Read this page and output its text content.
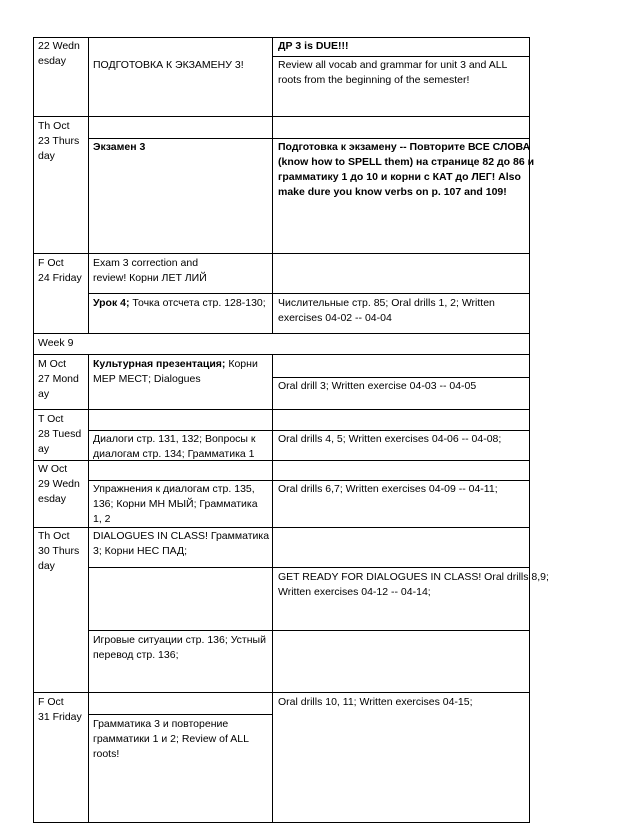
22 Wedn
esday	ПОДГОТОВКА К ЭКЗАМЕНУ 3!
ДР 3 is DUE!!!
Review all vocab and grammar for unit 3 and ALL
roots from the beginning of the semester!
Th Oct
23 Thurs
day
Экзамен 3	Подготовка к экзамену -- Повторите ВСЕ СЛОВА
(know how to SPELL them) на странице 82 до 86 и
грамматику 1 до 10 и корни с КАТ до ЛЕГ! Also
make dure you know verbs on p. 107 and 109!
F Oct
24 Friday
Exam 3 correction and
review! Корни ЛЕТ ЛИЙ
Урок 4; Точка отсчета стр. 128-130; Числительные стр. 85; Oral drills 1, 2; Written
exercises 04-02 -- 04-04
Week 9
M Oct
27 Mond
ay
Культурная презентация; Корни
МЕР МЕСТ; Dialogues
Oral drill 3; Written exercise 04-03 -- 04-05
T Oct
28 Tuesd
ay
Диалоги стр. 131, 132; Вопросы к
диалогам стр. 134; Грамматика 1
Oral drills 4, 5; Written exercises 04-06 -- 04-08;
W Oct
29 Wedn
esday
Упражнения к диалогам стр. 135,
136; Корни МН МЫЙ; Грамматика
1, 2
Oral drills 6,7; Written exercises 04-09 -- 04-11;
Th Oct
30 Thurs
day
DIALOGUES IN CLASS! Грамматика
3; Корни НЕС ПАД;
GET READY FOR DIALOGUES IN CLASS! Oral drills 8,9;
Written exercises 04-12 -- 04-14;
Игровые ситуации стр. 136; Устный
перевод стр. 136;
F Oct
31 Friday
Oral drills 10, 11; Written exercises 04-15;
Грамматика 3 и повторение
грамматики 1 и 2; Review of ALL
roots!
